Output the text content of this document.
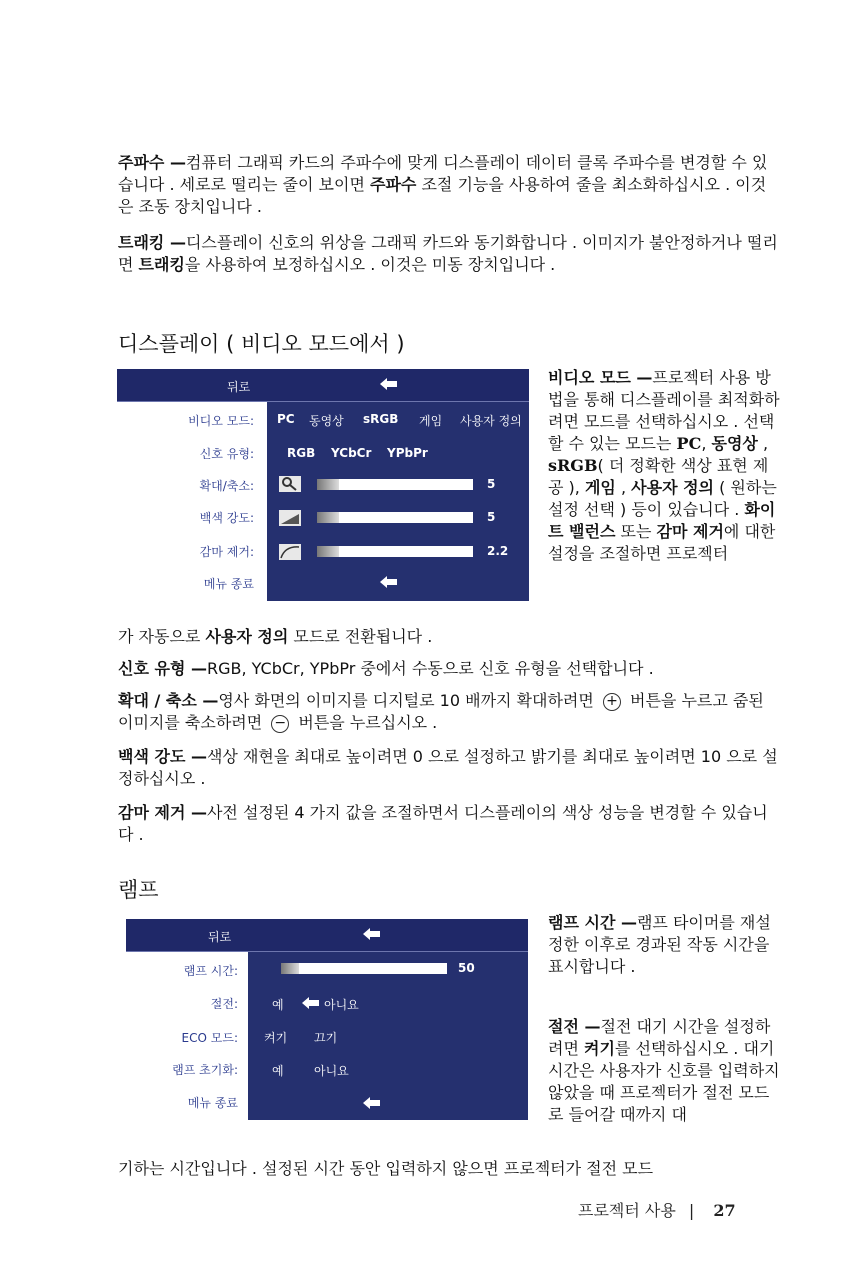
주파수 —컴퓨터 그래픽 카드의 주파수에 맞게 디스플레이 데이터 클록 주파수를 변경할 수 있습니다 . 세로로 떨리는 줄이 보이면 주파수 조절 기능을 사용하여 줄을 최소화하십시오 . 이것은 조동 장치입니다 .

트래킹 —디스플레이 신호의 위상을 그래픽 카드와 동기화합니다 . 이미지가 불안정하거나 떨리면 트래킹을 사용하여 보정하십시오 . 이것은 미동 장치입니다 .

디스플레이 ( 비디오 모드에서 )
뒤로
비디오 모드: PC 동영상 sRGB 게임 사용자 정의
신호 유형:	RGB YCbCr YPbPr
확대/축소:	5
백색 강도:	5
감마 제거:	2.2
메뉴 종료

비디오 모드 —프로젝터 사용 방법을 통해 디스플레이를 최적화하려면 모드를 선택하십시오 . 선택할 수 있는 모드는 PC, 동영상 , sRGB( 더 정확한 색상 표현 제공 ), 게임 , 사용자 정의 ( 원하는 설정 선택 ) 등이 있습니다 . 화이트 밸런스 또는 감마 제거에 대한 설정을 조절하면 프로젝터

가 자동으로 사용자 정의 모드로 전환됩니다 .

신호 유형 —RGB, YCbCr, YPbPr 중에서 수동으로 신호 유형을 선택합니다 .

확대 / 축소 —영사 화면의 이미지를 디지털로 10 배까지 확대하려면 + 버튼을 누르고 줌된 이미지를 축소하려면 − 버튼을 누르십시오 .

백색 강도 —색상 재현을 최대로 높이려면 0 으로 설정하고 밝기를 최대로 높이려면 10 으로 설정하십시오 .

감마 제거 —사전 설정된 4 가지 값을 조절하면서 디스플레이의 색상 성능을 변경할 수 있습니다 .

램프
뒤로
램프 시간:	50
절전:	예	아니요
ECO 모드: 켜기 끄기
램프 초기화:	예	아니요
메뉴 종료

램프 시간 —램프 타이머를 재설정한 이후로 경과된 작동 시간을 표시합니다 .

절전 —절전 대기 시간을 설정하려면 켜기를 선택하십시오 . 대기 시간은 사용자가 신호를 입력하지 않았을 때 프로젝터가 절전 모드로 들어갈 때까지 대

기하는 시간입니다 . 설정된 시간 동안 입력하지 않으면 프로젝터가 절전 모드

프로젝터 사용 | 27
